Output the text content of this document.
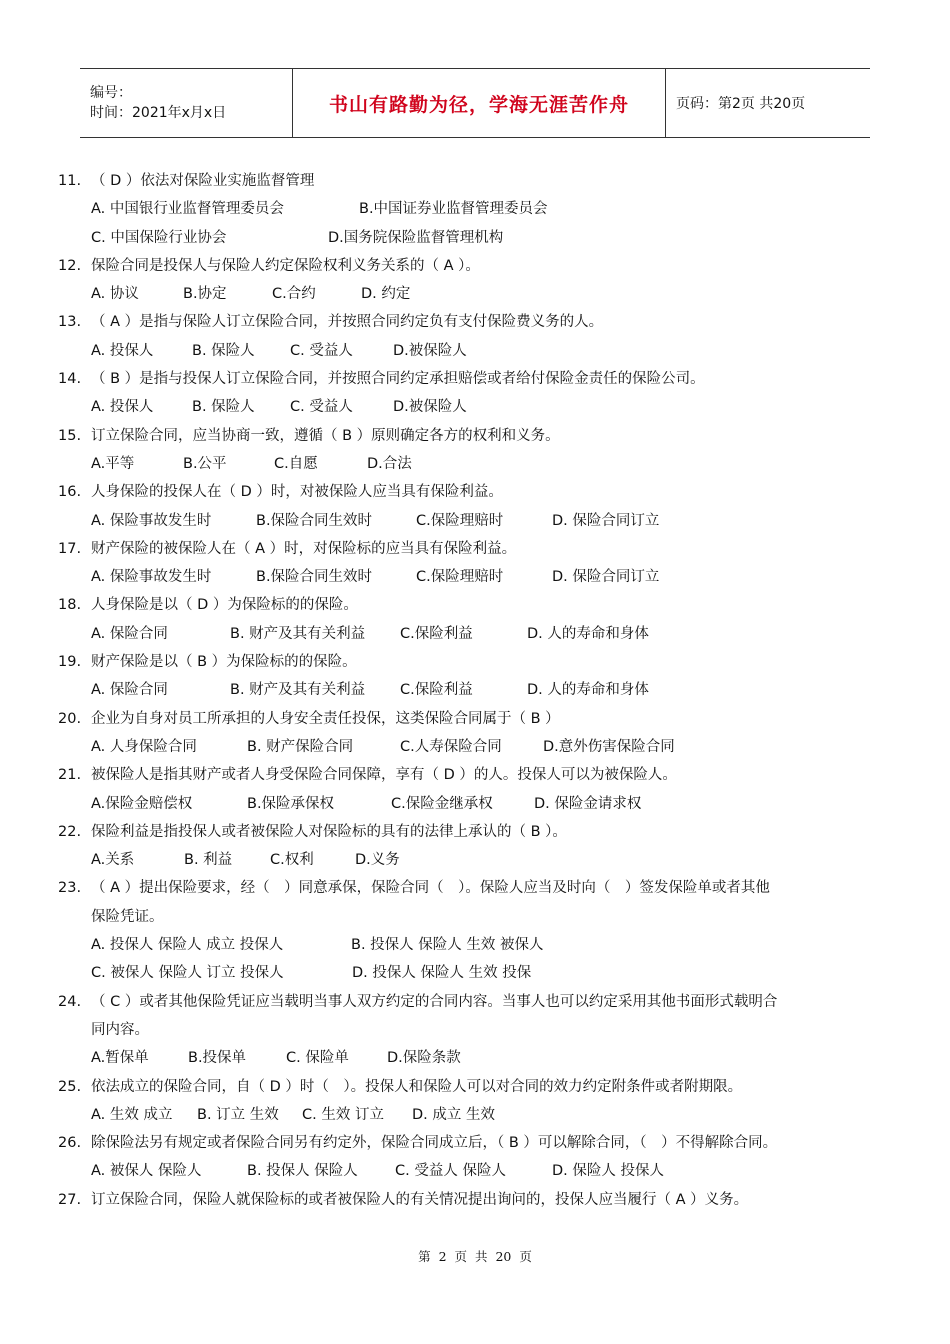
编号：
时间：2021年x月x日	书山有路勤为径，学海无涯苦作舟	页码：第2页 共20页
11. （ D ）依法对保险业实施监督管理
A. 中国银行业监督管理委员会	B.中国证券业监督管理委员会
C. 中国保险行业协会	D.国务院保险监督管理机构
12. 保险合同是投保人与保险人约定保险权利义务关系的（ A ）。
A. 协议	B.协定	C.合约	D. 约定
13. （ A ）是指与保险人订立保险合同，并按照合同约定负有支付保险费义务的人。
A. 投保人	B. 保险人 C. 受益人	D.被保险人
14. （ B ）是指与投保人订立保险合同，并按照合同约定承担赔偿或者给付保险金责任的保险公司。
A. 投保人	B. 保险人 C. 受益人	D.被保险人
15. 订立保险合同，应当协商一致，遵循（ B ）原则确定各方的权利和义务。
A.平等	B.公平	C.自愿	D.合法
16. 人身保险的投保人在（ D ）时，对被保险人应当具有保险利益。
A. 保险事故发生时	B.保险合同生效时	C.保险理赔时	D. 保险合同订立
17. 财产保险的被保险人在（ A ）时，对保险标的应当具有保险利益。
A. 保险事故发生时	B.保险合同生效时	C.保险理赔时	D. 保险合同订立
18. 人身保险是以（ D ）为保险标的的保险。
A. 保险合同	B. 财产及其有关利益 C.保险利益	D. 人的寿命和身体
19. 财产保险是以（ B ）为保险标的的保险。
A. 保险合同	B. 财产及其有关利益 C.保险利益	D. 人的寿命和身体
20. 企业为自身对员工所承担的人身安全责任投保，这类保险合同属于（ B ）
A. 人身保险合同	B. 财产保险合同	C.人寿保险合同	D.意外伤害保险合同
21. 被保险人是指其财产或者人身受保险合同保障，享有（ D ）的人。投保人可以为被保险人。
A.保险金赔偿权	B.保险承保权	C.保险金继承权	D. 保险金请求权
22. 保险利益是指投保人或者被保险人对保险标的具有的法律上承认的（ B ）。
A.关系	B. 利益	C.权利	D.义务
23. （ A ）提出保险要求，经（　）同意承保，保险合同（　）。保险人应当及时向（　）签发保险单或者其他
保险凭证。
A. 投保人 保险人 成立 投保人	B. 投保人 保险人 生效 被保人
C. 被保人 保险人 订立 投保人	D. 投保人 保险人 生效 投保
24. （ C ）或者其他保险凭证应当载明当事人双方约定的合同内容。当事人也可以约定采用其他书面形式载明合
同内容。
A.暂保单	B.投保单	C. 保险单	D.保险条款
25. 依法成立的保险合同，自（ D ）时（　）。投保人和保险人可以对合同的效力约定附条件或者附期限。
A. 生效 成立 B. 订立 生效 C. 生效 订立 D. 成立 生效
26. 除保险法另有规定或者保险合同另有约定外，保险合同成立后，（ B ）可以解除合同，（　）不得解除合同。
A. 被保人 保险人	B. 投保人 保险人	C. 受益人 保险人	D. 保险人 投保人
27. 订立保险合同，保险人就保险标的或者被保险人的有关情况提出询问的，投保人应当履行（ A ）义务。
第 2 页 共 20 页
